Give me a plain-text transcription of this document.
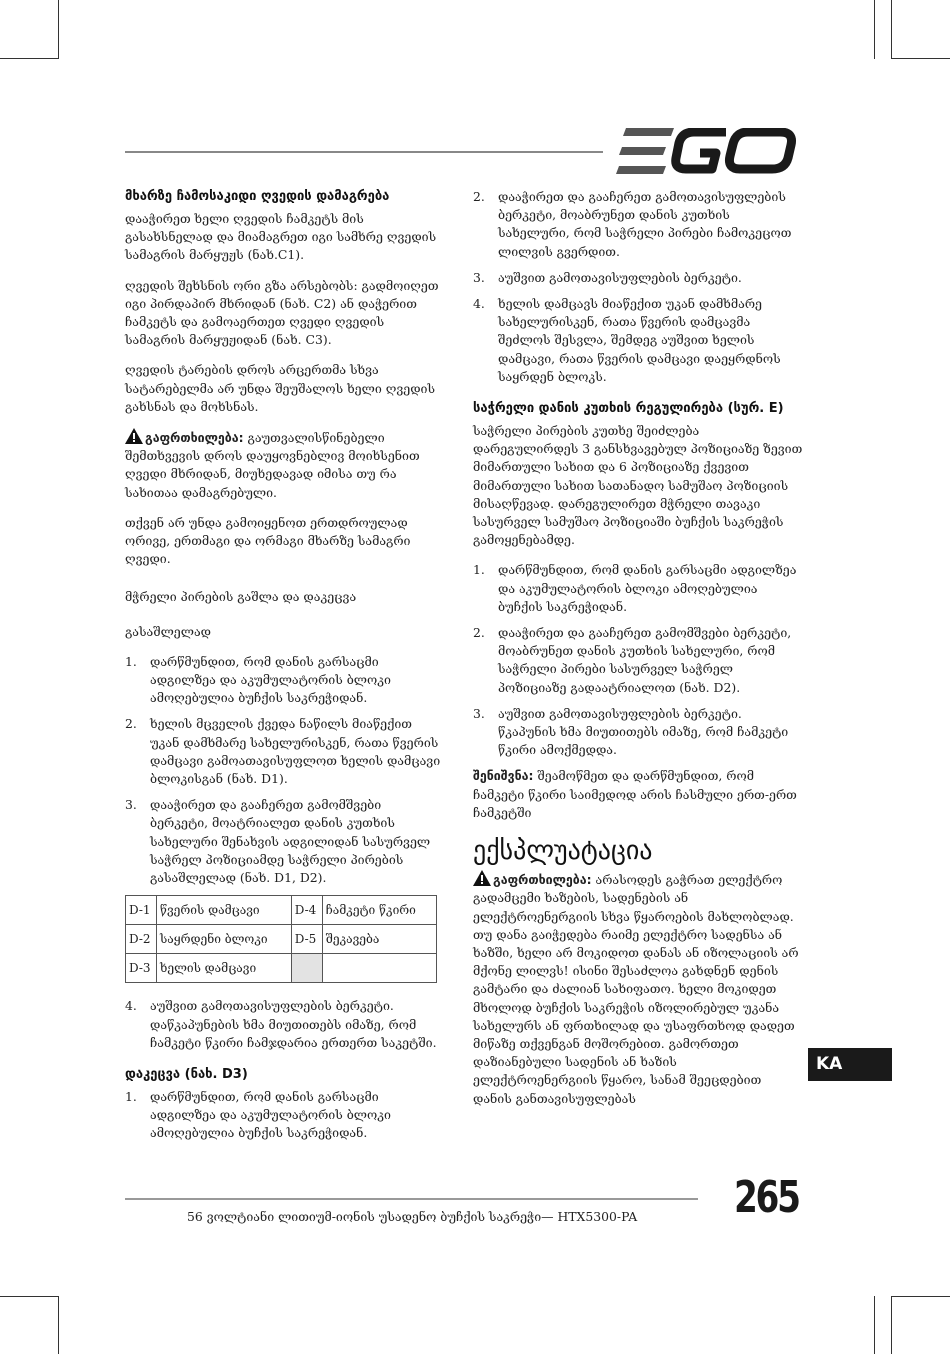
მხარზე ჩამოსაკიდი ღვედის დამაგრება

დააჭირეთ ხელი ღვედის ჩამკეტს მის გასახსნელად და მიამაგრეთ იგი სამხრე ღვედის სამაგრის მარყუჟს (ნახ.C1).

ღვედის შეხსნის ორი გზა არსებობს: გადმოიღეთ იგი პირდაპირ მხრიდან (ნახ. C2) ან დაჭერით ჩამკეტს და გამოაერთეთ ღვედი ღვედის სამაგრის მარყუჟიდან (ნახ. C3).

ღვედის ტარების დროს არცერთმა სხვა სატარებელმა არ უნდა შეუშალოს ხელი ღვედის გახსნას და მოხსნას.

გაფრთხილება: გაუთვალისწინებელი შემთხვევის დროს დაუყოვნებლივ მოიხსენით ღვედი მხრიდან, მიუხედავად იმისა თუ რა სახითაა დამაგრებული.

თქვენ არ უნდა გამოიყენოთ ერთდროულად ორივე, ერთმაგი და ორმაგი მხარზე სამაგრი ღვედი.

მჭრელი პირების გაშლა და დაკეცვა

გასაშლელად

1. დარწმუნდით, რომ დანის გარსაცმი ადგილზეა და აკუმულატორის ბლოკი ამოღებულია ბუჩქის საკრეჭიდან.
2. ხელის მცველის ქვედა ნაწილს მიაწექით უკან დამხმარე სახელურისკენ, რათა წვერის დამცავი გამოათავისუფლოთ ხელის დამცავი ბლოკისგან (ნახ. D1).
3. დააჭირეთ და გააჩერეთ გამომშვები ბერკეტი, მოატრიალეთ დანის კუთხის სახელური შენახვის ადგილიდან სასურველ საჭრელ პოზიციამდე საჭრელი პირების გასაშლელად (ნახ. D1, D2).
D-1	წვერის დამცავი	D-4	ჩამკეტი წკირი
D-2	საყრდენი ბლოკი	D-5	შეკავება
D-3	ხელის დამცავი		
4. აუშვით გამოთავისუფლების ბერკეტი. დაწკაპუნების ხმა მიუთითებს იმაზე, რომ ჩამკეტი წკირი ჩამჯდარია ერთერთ საკეტში.
დაკეცვა (ნახ. D3)
1. დარწმუნდით, რომ დანის გარსაცმი ადგილზეა და აკუმულატორის ბლოკი ამოღებულია ბუჩქის საკრეჭიდან.
2. დააჭირეთ და გააჩერეთ გამოთავისუფლების ბერკეტი, მოაბრუნეთ დანის კუთხის სახელური, რომ საჭრელი პირები ჩამოკეცოთ ლილვის გვერდით.
3. აუშვით გამოთავისუფლების ბერკეტი.
4. ხელის დამცავს მიაწექით უკან დამხმარე სახელურისკენ, რათა წვერის დამცავმა შეძლოს შესვლა, შემდეგ აუშვით ხელის დამცავი, რათა წვერის დამცავი დაეყრდნოს საყრდენ ბლოკს.
საჭრელი დანის კუთხის რეგულირება (სურ. E)

საჭრელი პირების კუთხე შეიძლება დარეგულირდეს 3 განსხვავებულ პოზიციაზე ზევით მიმართული სახით და 6 პოზიციაზე ქვევით მიმართული სახით სათანადო სამუშაო პოზიციის მისაღწევად. დარეგულირეთ მჭრელი თავაკი სასურველ სამუშაო პოზიციაში ბუჩქის საკრეჭის გამოყენებამდე.

1. დარწმუნდით, რომ დანის გარსაცმი ადგილზეა და აკუმულატორის ბლოკი ამოღებულია ბუჩქის საკრეჭიდან.
2. დააჭირეთ და გააჩერეთ გამომშვები ბერკეტი, მოაბრუნეთ დანის კუთხის სახელური, რომ საჭრელი პირები სასურველ საჭრელ პოზიციაზე გადაატრიალოთ (ნახ. D2).
3. აუშვით გამოთავისუფლების ბერკეტი. წკაპუნის ხმა მიუთითებს იმაზე, რომ ჩამკეტი წკირი ამოქმედდა.

შენიშვნა: შეამოწმეთ და დარწმუნდით, რომ ჩამკეტი წკირი საიმედოდ არის ჩასმული ერთ-ერთ ჩამკეტში

ექსპლუატაცია

გაფრთხილება: არასოდეს გაჭრათ ელექტრო გადამცემი ხაზების, სადენების ან ელექტროენერგიის სხვა წყაროების მახლობლად. თუ დანა გაიჭედება რაიმე ელექტრო სადენსა ან ხაზში, ხელი არ მოკიდოთ დანას ან იზოლაციის არ მქონე ლილვს! ისინი შესაძლოა გახდნენ დენის გამტარი და ძალიან სახიფათო. ხელი მოკიდეთ მხოლოდ ბუჩქის საკრეჭის იზოლირებულ უკანა სახელურს ან ფრთხილად და უსაფრთხოდ დადეთ მიწაზე თქვენგან მოშორებით. გამორთეთ დაზიანებული სადენის ან ხაზის ელექტროენერგიის წყარო, სანამ შეეცდებით დანის განთავისუფლებას

KA
56 ვოლტიანი ლითიუმ-იონის უსადენო ბუჩქის საკრეჭი— HTX5300-PA 265
